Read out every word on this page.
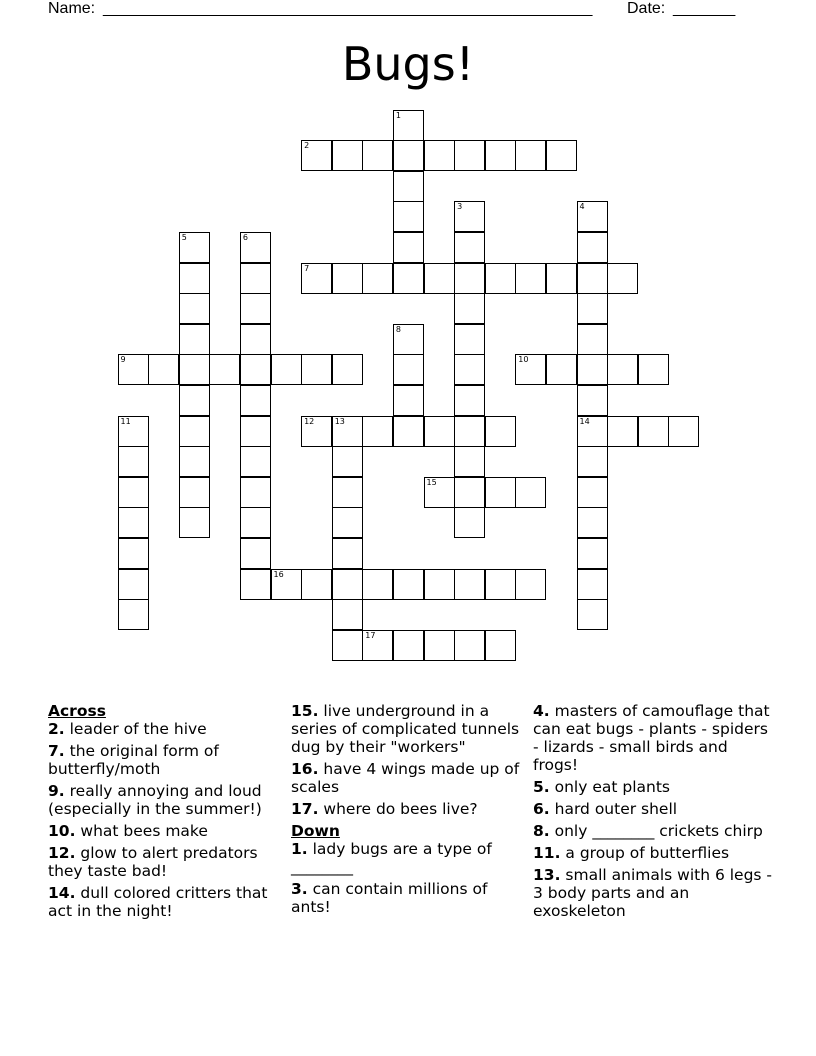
Name: _______________________________________________________ Date: _______
Bugs!
1
2
3	4
14
5	6
7
8
9	10
11	12	13
15
16
17
Across
2. leader of the hive
7. the original form of butterfly/moth
9. really annoying and loud (especially in the summer!)
10. what bees make
12. glow to alert predators they taste bad!
14. dull colored critters that act in the night!
15. live underground in a series of complicated tunnels dug by their "workers"
16. have 4 wings made up of scales
17. where do bees live?
Down
1. lady bugs are a type of ________
3. can contain millions of ants!
4. masters of camouflage that can eat bugs - plants - spiders - lizards - small birds and frogs!
5. only eat plants
6. hard outer shell
8. only ________ crickets chirp
11. a group of butterflies
13. small animals with 6 legs - 3 body parts and an exoskeleton
